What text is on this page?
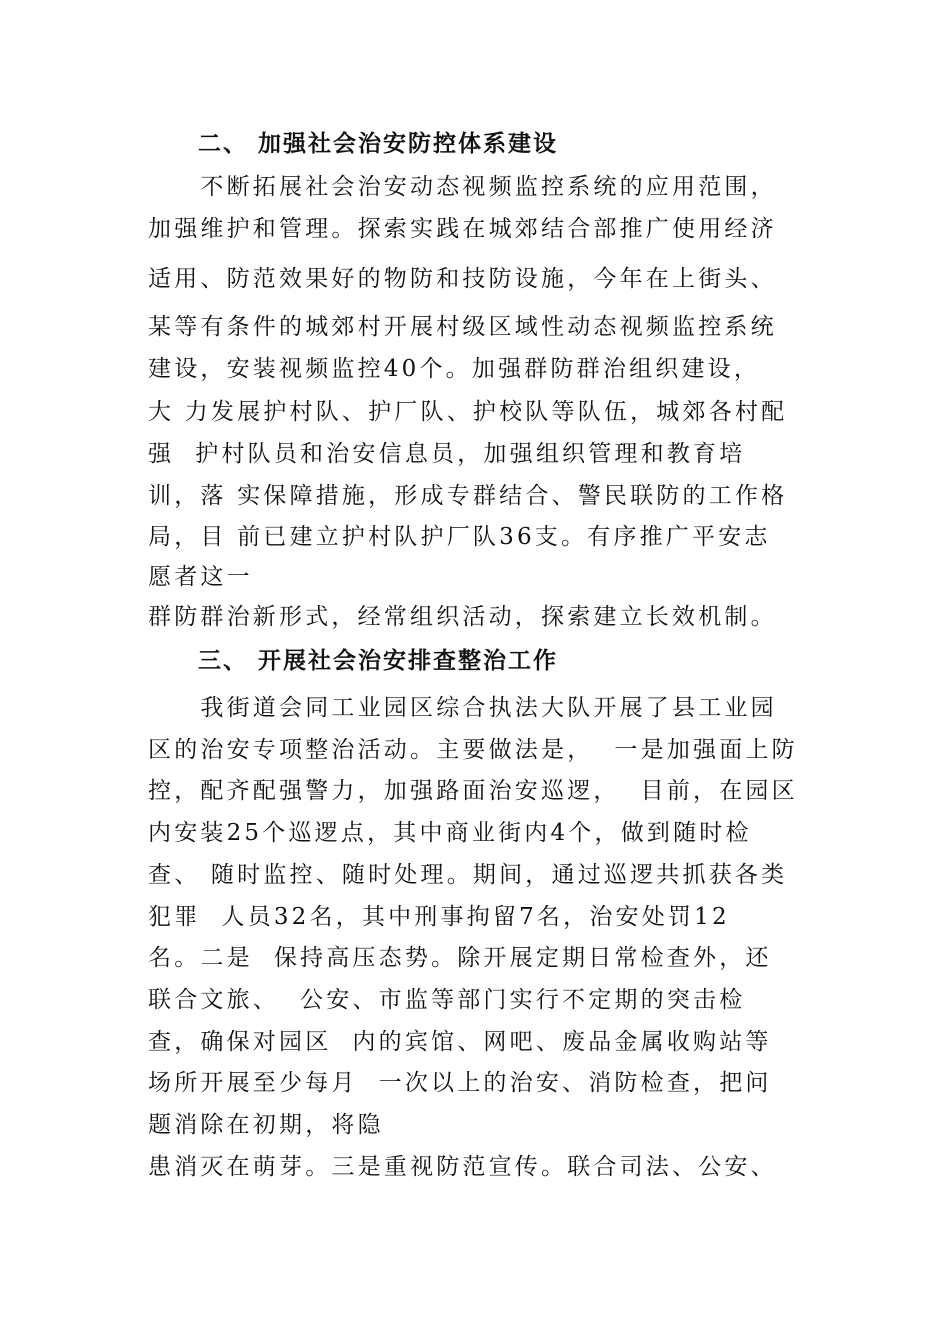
　　二、 加强社会治安防控体系建设
　　不断拓展社会治安动态视频监控系统的应用范围，
加强维护和管理。探索实践在城郊结合部推广使用经济
适用、防范效果好的物防和技防设施，今年在上街头、
某等有条件的城郊村开展村级区域性动态视频监控系统
建设，安装视频监控40个。加强群防群治组织建设，
大 力发展护村队、护厂队、护校队等队伍，城郊各村配
强  护村队员和治安信息员，加强组织管理和教育培
训，落 实保障措施，形成专群结合、警民联防的工作格
局，目 前已建立护村队护厂队36支。有序推广平安志
愿者这一
群防群治新形式，经常组织活动，探索建立长效机制。
　　三、 开展社会治安排查整治工作
　　我街道会同工业园区综合执法大队开展了县工业园
区的治安专项整治活动。主要做法是，  一是加强面上防
控，配齐配强警力，加强路面治安巡逻，  目前，在园区
内安装25个巡逻点，其中商业街内4个，做到随时检
查、 随时监控、随时处理。期间，通过巡逻共抓获各类
犯罪  人员32名，其中刑事拘留7名，治安处罚12
名。二是  保持高压态势。除开展定期日常检查外，还
联合文旅、  公安、市监等部门实行不定期的突击检
查，确保对园区  内的宾馆、网吧、废品金属收购站等
场所开展至少每月  一次以上的治安、消防检查，把问
题消除在初期，将隐
患消灭在萌芽。三是重视防范宣传。联合司法、公安、
